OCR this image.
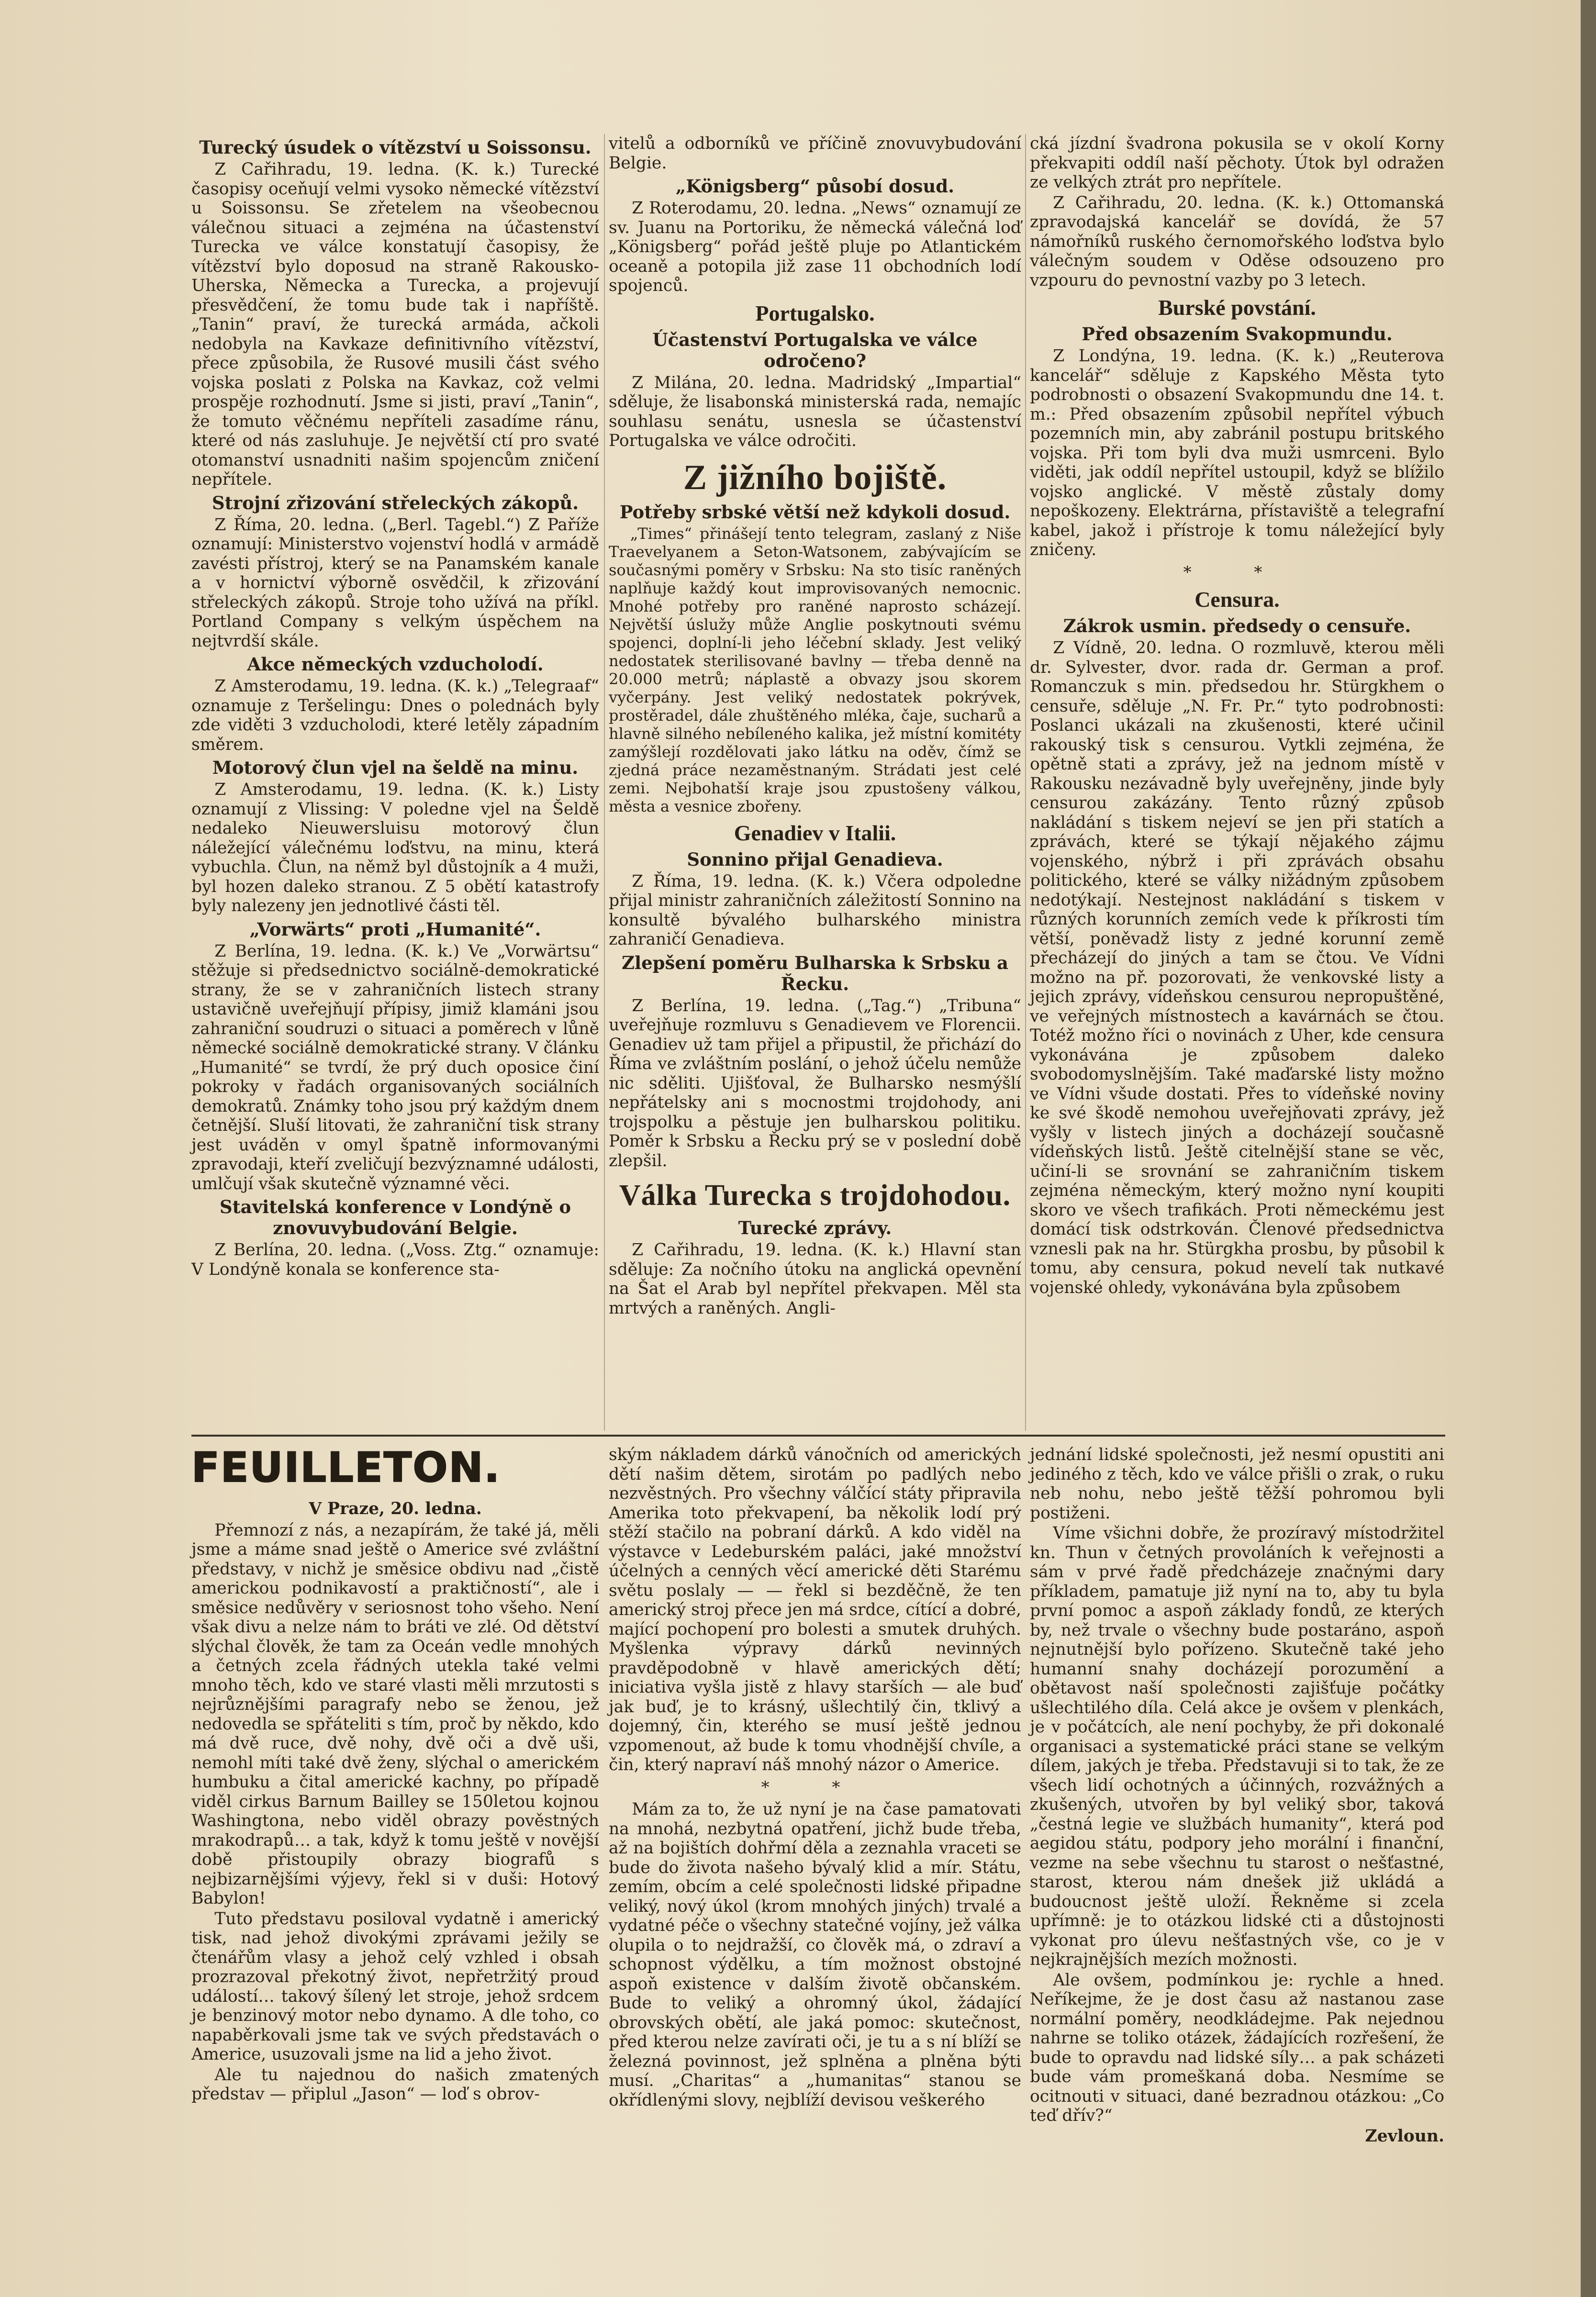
Turecký úsudek o vítězství u Soissonsu.

Z Cařihradu, 19. ledna. (K. k.) Turecké časopisy oceňují velmi vysoko německé vítězství u Soissonsu. Se zřetelem na všeobecnou válečnou situaci a zejména na účastenství Turecka ve válce konstatují časopisy, že vítězství bylo doposud na straně Rakousko-Uherska, Německa a Turecka, a projevují přesvědčení, že tomu bude tak i napříště. „Tanin“ praví, že turecká armáda, ačkoli nedobyla na Kavkaze definitivního vítězství, přece způsobila, že Rusové musili část svého vojska poslati z Polska na Kavkaz, což velmi prospěje rozhodnutí. Jsme si jisti, praví „Tanin“, že tomuto věčnému nepříteli zasadíme ránu, které od nás zasluhuje. Je největší ctí pro svaté otomanství usnadniti našim spojencům zničení nepřítele.

Strojní zřizování střeleckých zákopů.

Z Říma, 20. ledna. („Berl. Tagebl.“) Z Paříže oznamují: Ministerstvo vojenství hodlá v armádě zavésti přístroj, který se na Panamském kanale a v hornictví výborně osvědčil, k zřizování střeleckých zákopů. Stroje toho užívá na příkl. Portland Company s velkým úspěchem na nejtvrdší skále.

Akce německých vzducholodí.

Z Amsterodamu, 19. ledna. (K. k.) „Telegraaf“ oznamuje z Teršelingu: Dnes o polednách byly zde viděti 3 vzducholodi, které letěly západním směrem.

Motorový člun vjel na šeldě na minu.

Z Amsterodamu, 19. ledna. (K. k.) Listy oznamují z Vlissing: V poledne vjel na Šeldě nedaleko Nieuwersluisu motorový člun náležející válečnému loďstvu, na minu, která vybuchla. Člun, na němž byl důstojník a 4 muži, byl hozen daleko stranou. Z 5 obětí katastrofy byly nalezeny jen jednotlivé části těl.

„Vorwärts“ proti „Humanité“.

Z Berlína, 19. ledna. (K. k.) Ve „Vorwärtsu“ stěžuje si předsednictvo sociálně-demokratické strany, že se v zahraničních listech strany ustavičně uveřejňují přípisy, jimiž klamáni jsou zahraniční soudruzi o situaci a poměrech v lůně německé sociálně demokratické strany. V článku „Humanité“ se tvrdí, že prý duch oposice činí pokroky v řadách organisovaných sociálních demokratů. Známky toho jsou prý každým dnem četnější. Sluší litovati, že zahraniční tisk strany jest uváděn v omyl špatně informovanými zpravodaji, kteří zveličují bezvýznamné události, umlčují však skutečně významné věci.

Stavitelská konference v Londýně o znovuvybudování Belgie.

Z Berlína, 20. ledna. („Voss. Ztg.“ oznamuje: V Londýně konala se konference sta-

vitelů a odborníků ve příčině znovuvybudování Belgie.

„Königsberg“ působí dosud.

Z Roterodamu, 20. ledna. „News“ oznamují ze sv. Juanu na Portoriku, že německá válečná loď „Königsberg“ pořád ještě pluje po Atlantickém oceaně a potopila již zase 11 obchodních lodí spojenců.

Portugalsko.
Účastenství Portugalska ve válce odročeno?

Z Milána, 20. ledna. Madridský „Impartial“ sděluje, že lisabonská ministerská rada, nemajíc souhlasu senátu, usnesla se účastenství Portugalska ve válce odročiti.

Z jižního bojiště.
Potřeby srbské větší než kdykoli dosud.

„Times“ přinášejí tento telegram, zaslaný z Niše Traevelyanem a Seton-Watsonem, zabývajícím se současnými poměry v Srbsku: Na sto tisíc raněných naplňuje každý kout improvisovaných nemocnic. Mnohé potřeby pro raněné naprosto scházejí. Největší úslužy může Anglie poskytnouti svému spojenci, doplní-li jeho léčební sklady. Jest veliký nedostatek sterilisované bavlny — třeba denně na 20.000 metrů; náplastě a obvazy jsou skorem vyčerpány. Jest veliký nedostatek pokrývek, prostěradel, dále zhuštěného mléka, čaje, sucharů a hlavně silného nebílenéhо kalika, jež místní komitéty zamýšlejí rozdělovati jako látku na oděv, čímž se zjedná práce nezaměstnaným. Strádati jest celé zemi. Nejbohatší kraje jsou zpustošeny válkou, města a vesnice zbořeny.

Genadiev v Italii.
Sonnino přijal Genadieva.

Z Říma, 19. ledna. (K. k.) Včera odpoledne přijal ministr zahraničních záležitostí Sonnino na konsultě bývalého bulharského ministra zahraničí Genadieva.

Zlepšení poměru Bulharska k Srbsku a Řecku.

Z Berlína, 19. ledna. („Tag.“) „Tribuna“ uveřejňuje rozmluvu s Genadievem ve Florencii. Genadiev už tam přijel a připustil, že přichází do Říma ve zvláštním poslání, o jehož účelu nemůže nic sděliti. Ujišťoval, že Bulharsko nesmýšlí nepřátelsky ani s mocnostmi trojdohody, ani trojspolku a pěstuje jen bulharskou politiku. Poměr k Srbsku a Řecku prý se v poslední době zlepšil.

Válka Turecka s trojdohodou.
Turecké zprávy.

Z Cařihradu, 19. ledna. (K. k.) Hlavní stan sděluje: Za nočního útoku na anglická opevnění na Šat el Arab byl nepřítel překvapen. Měl sta mrtvých a raněných. Angli-

cká jízdní švadrona pokusila se v okolí Korny překvapiti oddíl naší pěchoty. Útok byl odražen ze velkých ztrát pro nepřítele.

Z Cařihradu, 20. ledna. (K. k.) Ottomanská zpravodajská kancelář se dovídá, že 57 námořníků ruského černomořského loďstva bylo válečným soudem v Oděse odsouzeno pro vzpouru do pevnostní vazby po 3 letech.

Burské povstání.
Před obsazením Svakopmundu.

Z Londýna, 19. ledna. (K. k.) „Reuterova kancelář“ sděluje z Kapského Města tyto podrobnosti o obsazení Svakopmundu dne 14. t. m.: Před obsazením způsobil nepřítel výbuch pozemních min, aby zabránil postupu britského vojska. Při tom byli dva muži usmrceni. Bylo viděti, jak oddíl nepřítel ustoupil, když se blížilo vojsko anglické. V městě zůstaly domy nepoškozeny. Elektrárna, přístaviště a telegrafní kabel, jakož i přístroje k tomu náležející byly zničeny.

* *
Censura.
Zákrok usmin. předsedy o censuře.

Z Vídně, 20. ledna. O rozmluvě, kterou měli dr. Sylvester, dvor. rada dr. German a prof. Romanczuk s min. předsedou hr. Stürgkhem o censuře, sděluje „N. Fr. Pr.“ tyto podrobnosti: Poslanci ukázali na zkušenosti, které učinil rakouský tisk s censurou. Vytkli zejména, že opětně stati a zprávy, jež na jednom místě v Rakousku nezávadně byly uveřejněny, jinde byly censurou zakázány. Tento různý způsob nakládání s tiskem nejeví se jen při statích a zprávách, které se týkají nějakého zájmu vojenského, nýbrž i při zprávách obsahu politického, které se války nižádným způsobem nedotýkají. Nestejnost nakládání s tiskem v různých korunních zemích vede k příkrosti tím větší, poněvadž listy z jedné korunní země přecházejí do jiných a tam se čtou. Ve Vídni možno na př. pozorovati, že venkovské listy a jejich zprávy, vídeňskou censurou nepropuštěné, ve veřejných místnostech a kavárnách se čtou. Totéž možno říci o novinách z Uher, kde censura vykonávána je způsobem daleko svobodomyslnějším. Také maďarské listy možno ve Vídni všude dostati. Přes to vídeňské noviny ke své škodě nemohou uveřejňovati zprávy, jež vyšly v listech jiných a docházejí současně vídeňských listů. Ještě citelnější stane se věc, učiní-li se srovnání se zahraničním tiskem zejména německým, který možno nyní koupiti skoro ve všech trafikách. Proti německému jest domácí tisk odstrkován. Členové předsednictva vznesli pak na hr. Stürgkha prosbu, by působil k tomu, aby censura, pokud nevelí tak nutkavé vojenské ohledy, vykonávána byla způsobem

FEUILLETON.
V Praze, 20. ledna.

Přemnozí z nás, a nezapírám, že také já, měli jsme a máme snad ještě o Americe své zvláštní představy, v nichž je směsice obdivu nad „čistě americkou podnikavostí a praktičností“, ale i směsice nedůvěry v seriosnost toho všeho. Není však divu a nelze nám to bráti ve zlé. Od dětství slýchal člověk, že tam za Oceán vedle mnohých a četných zcela řádných utekla také velmi mnoho těch, kdo ve staré vlasti měli mrzutosti s nejrůznějšími paragrafy nebo se ženou, jež nedovedla se spřáteliti s tím, proč by někdo, kdo má dvě ruce, dvě nohy, dvě oči a dvě uši, nemohl míti také dvě ženy, slýchal o americkém humbuku a čital americké kachny, po případě viděl cirkus Barnum Bailley se 150letou kojnou Washingtona, nebo viděl obrazy pověstných mrakodrapů… a tak, když k tomu ještě v novější době přistoupily obrazy biografů s nejbizarnějšími výjevy, řekl si v duši: Hotový Babylon!

Tuto představu posiloval vydatně i americký tisk, nad jehož divokými zprávami ježily se čtenářům vlasy a jehož celý vzhled i obsah prozrazoval překotný život, nepřetržitý proud událostí… takový šílený let stroje, jehož srdcem je benzinový motor nebo dynamo. A dle toho, co napaběrkovali jsme tak ve svých představách o Americe, usuzovali jsme na lid a jeho život.

Ale tu najednou do našich zmatených představ — připlul „Jason“ — loď s obrov-

ským nákladem dárků vánočních od amerických dětí našim dětem, sirotám po padlých nebo nezvěstných. Pro všechny válčící státy připravila Amerika toto překvapení, ba několik lodí prý stěží stačilo na pobraní dárků. A kdo viděl na výstavce v Ledeburském paláci, jaké množství účelných a cenných věcí americké děti Starému světu poslaly — — řekl si bezděčně, že ten americký stroj přece jen má srdce, cítící a dobré, mající pochopení pro bolesti a smutek druhých. Myšlenka výpravy dárků nevinných pravděpodobně v hlavě amerických dětí; iniciativa vyšla jistě z hlavy starších — ale buď jak buď, je to krásný, ušlechtilý čin, tklivý a dojemný, čin, kterého se musí ještě jednou vzpomenout, až bude k tomu vhodnější chvíle, a čin, který napraví náš mnohý názor o Americe.

* *

Mám za to, že už nyní je na čase pamatovati na mnohá, nezbytná opatření, jichž bude třeba, až na bojištích dohřmí děla a zeznahla vraceti se bude do života našeho bývalý klid a mír. Státu, zemím, obcím a celé společnosti lidské připadne veliký, nový úkol (krom mnohých jiných) trvalé a vydatné péče o všechny statečné vojíny, jež válka olupila o to nejdražší, co člověk má, o zdraví a schopnost výdělku, a tím možnost obstojné aspoň existence v dalším životě občanském. Bude to veliký a ohromný úkol, žádající obrovských obětí, ale jaká pomoc: skutečnost, před kterou nelze zavírati oči, je tu a s ní blíží se železná povinnost, jež splněna a plněna býti musí. „Charitas“ a „humanitas“ stanou se okřídlenými slovy, nejblíží devisou veškerého

jednání lidské společnosti, jež nesmí opustiti ani jediného z těch, kdo ve válce přišli o zrak, o ruku neb nohu, nebo ještě těžší pohromou byli postiženi.

Víme všichni dobře, že prozíravý místodržitel kn. Thun v četných provoláních k veřejnosti a sám v prvé řadě předcházeje značnými dary příkladem, pamatuje již nyní na to, aby tu byla první pomoc a aspoň základy fondů, ze kterých by, než trvale o všechny bude postaráno, aspoň nejnutnější bylo pořízeno. Skutečně také jeho humanní snahy docházejí porozumění a obětavost naší společnosti zajišťuje počátky ušlechtilého díla. Celá akce je ovšem v plenkách, je v počátcích, ale není pochyby, že při dokonalé organisaci a systematické práci stane se velkým dílem, jakých je třeba. Představuji si to tak, že ze všech lidí ochotných a účinných, rozvážných a zkušených, utvořen by byl veliký sbor, taková „čestná legie ve službách humanity“, která pod aegidou státu, podpory jeho morální i finanční, vezme na sebe všechnu tu starost o nešťastné, starost, kterou nám dnešek již ukládá a budoucnost ještě uloží. Řekněme si zcela upřímně: je to otázkou lidské cti a důstojnosti vykonat pro úlevu nešťastných vše, co je v nejkrajnějších mezích možnosti.

Ale ovšem, podmínkou je: rychle a hned. Neříkejme, že je dost času až nastanou zase normální poměry, neodkládejme. Pak nejednou nahrne se toliko otázek, žádajících rozřešení, že bude to opravdu nad lidské síly… a pak scházeti bude vám promeškaná doba. Nesmíme se ocitnouti v situaci, dané bezradnou otázkou: „Co teď dřív?“

Zevloun.
